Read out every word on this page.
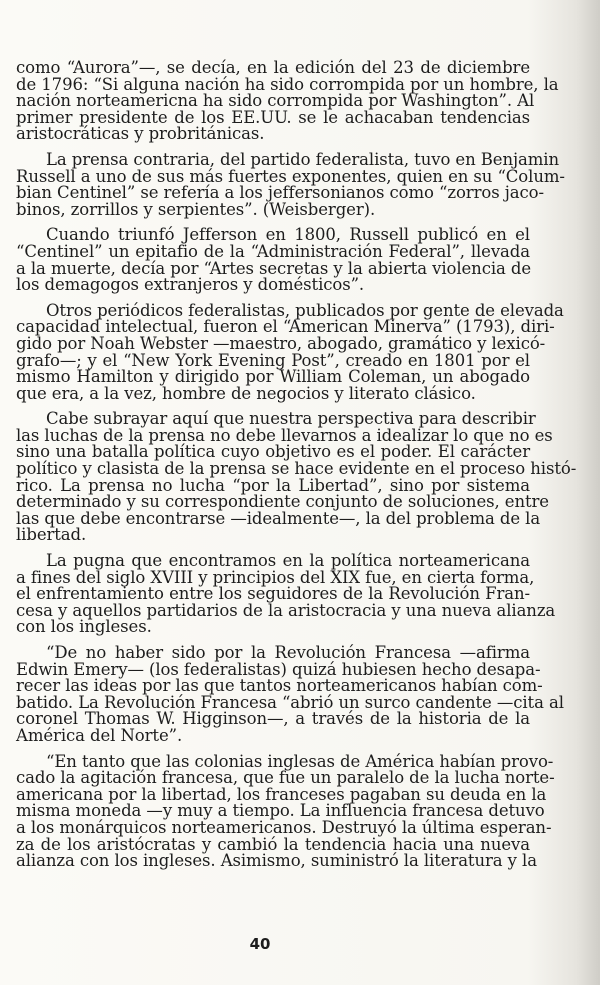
como “Aurora”—, se decía, en la edición del 23 de diciembre
de 1796: “Si alguna nación ha sido corrompida por un hombre, la
nación norteamericna ha sido corrompida por Washington”. Al
primer presidente de los EE.UU. se le achacaban tendencias
aristocráticas y probritánicas.
La prensa contraria, del partido federalista, tuvo en Benjamin
Russell a uno de sus más fuertes exponentes, quien en su “Colum-
bian Centinel” se refería a los jeffersonianos como “zorros jaco-
binos, zorrillos y serpientes”. (Weisberger).
Cuando triunfó Jefferson en 1800, Russell publicó en el
“Centinel” un epitafio de la “Administración Federal”, llevada
a la muerte, decía por “Artes secretas y la abierta violencia de
los demagogos extranjeros y domésticos”.
Otros periódicos federalistas, publicados por gente de elevada
capacidad intelectual, fueron el “American Minerva” (1793), diri-
gido por Noah Webster —maestro, abogado, gramático y lexicó-
grafo—; y el “New York Evening Post”, creado en 1801 por el
mismo Hamilton y dirigido por William Coleman, un abogado
que era, a la vez, hombre de negocios y literato clásico.
Cabe subrayar aquí que nuestra perspectiva para describir
las luchas de la prensa no debe llevarnos a idealizar lo que no es
sino una batalla política cuyo objetivo es el poder. El carácter
político y clasista de la prensa se hace evidente en el proceso histó-
rico. La prensa no lucha “por la Libertad”, sino por sistema
determinado y su correspondiente conjunto de soluciones, entre
las que debe encontrarse —idealmente—, la del problema de la
libertad.
La pugna que encontramos en la política norteamericana
a fines del siglo XVIII y principios del XIX fue, en cierta forma,
el enfrentamiento entre los seguidores de la Revolución Fran-
cesa y aquellos partidarios de la aristocracia y una nueva alianza
con los ingleses.
“De no haber sido por la Revolución Francesa —afirma
Edwin Emery— (los federalistas) quizá hubiesen hecho desapa-
recer las ideas por las que tantos norteamericanos habían com-
batido. La Revolución Francesa “abrió un surco candente —cita al
coronel Thomas W. Higginson—, a través de la historia de la
América del Norte”.
“En tanto que las colonias inglesas de América habían provo-
cado la agitación francesa, que fue un paralelo de la lucha norte-
americana por la libertad, los franceses pagaban su deuda en la
misma moneda —y muy a tiempo. La influencia francesa detuvo
a los monárquicos norteamericanos. Destruyó la última esperan-
za de los aristócratas y cambió la tendencia hacia una nueva
alianza con los ingleses. Asimismo, suministró la literatura y la
40
